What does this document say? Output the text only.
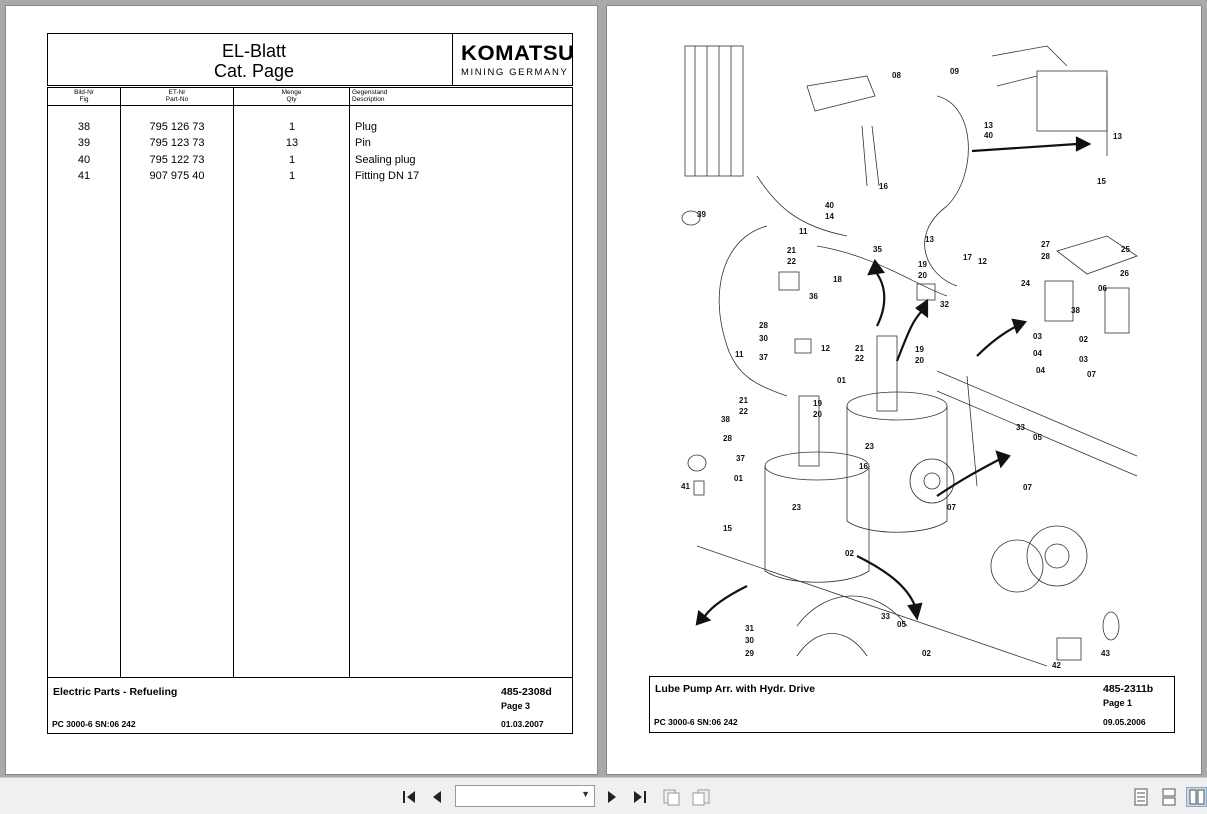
EL-Blatt
Cat. Page
KOMATSU
MINING GERMANY
Bild-Nr
Fig
ET-Nr
Part-No
Menge
Qty
Gegenstand
Description
38	795 126 73	1	Plug
39	795 123 73	13	Pin
40	795 122 73	1	Sealing plug
41	907 975 40	1	Fitting DN 17
Electric Parts - Refueling	485-2308d
Page 3
PC 3000-6 SN:06 242	01.03.2007
08	09
13
40	13
16
15
39
40
14
11
21
22
35
18
36
13
19
20
17 12
32
27
28
25
24
26
06
38
28
30
37
12	21
22
19
20
03
04
02
03
04	07
11
01
21
22
19
20
38
28
37
41
01
23
16
23
15
33
05
07
07
02
31
30
29
33
05
02
42
43
Lube Pump Arr. with Hydr. Drive	485-2311b
Page 1
PC 3000-6 SN:06 242	09.05.2006
▼
